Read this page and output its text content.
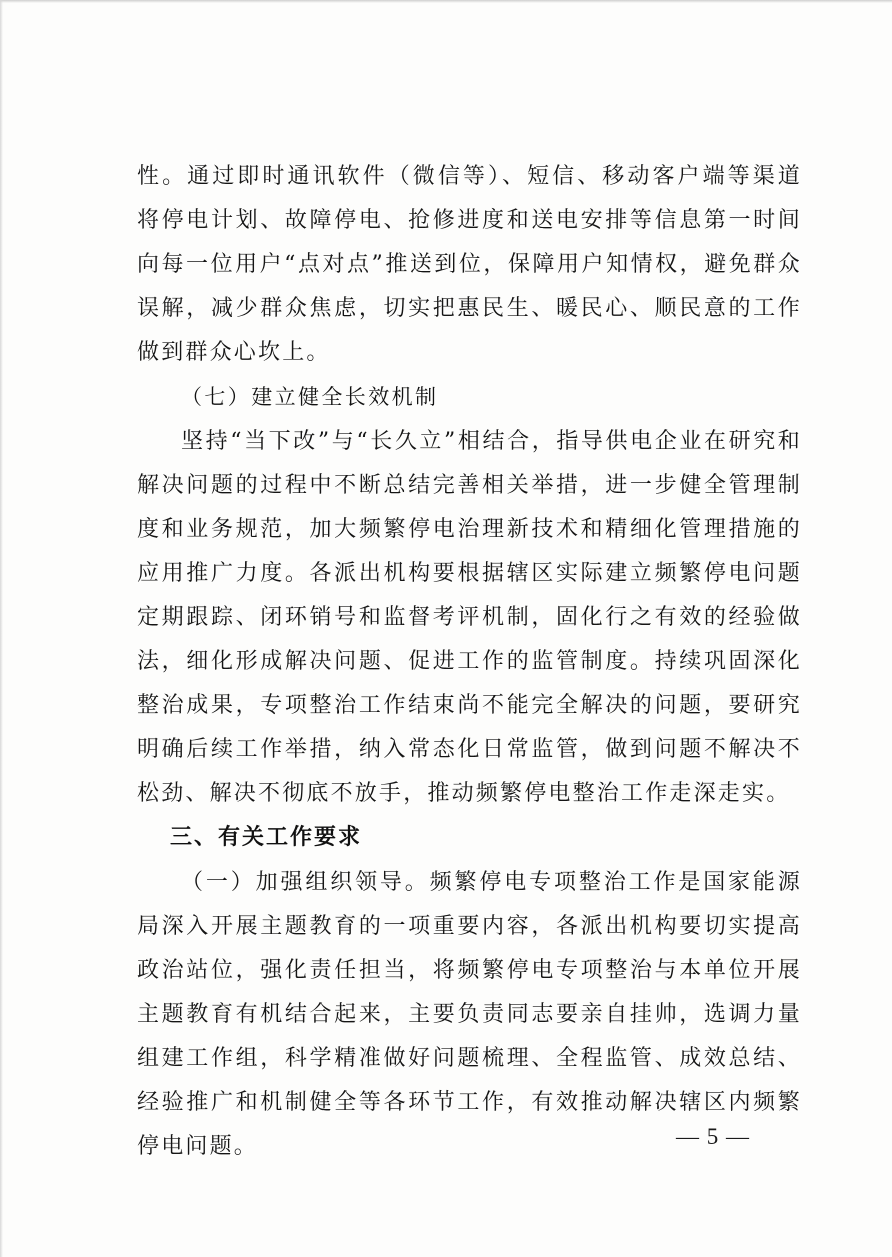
性。通过即时通讯软件（微信等）、短信、移动客户端等渠道将停电计划、故障停电、抢修进度和送电安排等信息第一时间向每一位用户“点对点”推送到位，保障用户知情权，避免群众误解，减少群众焦虑，切实把惠民生、暖民心、顺民意的工作做到群众心坎上。

（七）建立健全长效机制

坚持“当下改”与“长久立”相结合，指导供电企业在研究和解决问题的过程中不断总结完善相关举措，进一步健全管理制度和业务规范，加大频繁停电治理新技术和精细化管理措施的应用推广力度。各派出机构要根据辖区实际建立频繁停电问题定期跟踪、闭环销号和监督考评机制，固化行之有效的经验做法，细化形成解决问题、促进工作的监管制度。持续巩固深化整治成果，专项整治工作结束尚不能完全解决的问题，要研究明确后续工作举措，纳入常态化日常监管，做到问题不解决不松劲、解决不彻底不放手，推动频繁停电整治工作走深走实。

三、有关工作要求

（一）加强组织领导。频繁停电专项整治工作是国家能源局深入开展主题教育的一项重要内容，各派出机构要切实提高政治站位，强化责任担当，将频繁停电专项整治与本单位开展主题教育有机结合起来，主要负责同志要亲自挂帅，选调力量组建工作组，科学精准做好问题梳理、全程监管、成效总结、经验推广和机制健全等各环节工作，有效推动解决辖区内频繁停电问题。	— 5 —
